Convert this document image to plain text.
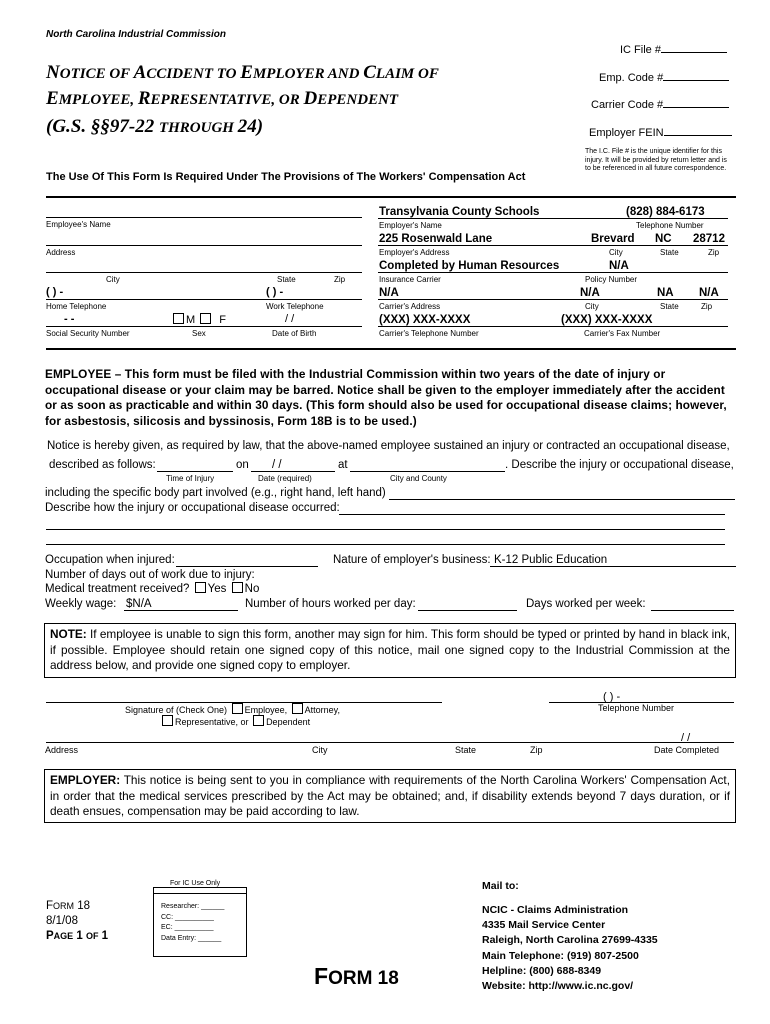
North Carolina Industrial Commission
IC File #
Emp. Code #
Carrier Code #
Employer FEIN
The I.C. File # is the unique identifier for this injury. It will be provided by return letter and is to be referenced in all future correspondence.
NOTICE OF ACCIDENT TO EMPLOYER AND CLAIM OF
EMPLOYEE, REPRESENTATIVE, OR DEPENDENT
(G.S. §§97-22 THROUGH 24)
The Use Of This Form Is Required Under The Provisions of The Workers' Compensation Act
Employee's Name
Address
City	State	Zip
( ) -	( ) -
Home Telephone	Work Telephone
- -	M F	/ /
Social Security Number	Sex	Date of Birth
Transylvania County Schools	(828) 884-6173
Employer's Name	Telephone Number
225 Rosenwald Lane	Brevard NC 28712
Employer's Address	City	State	Zip
Completed by Human Resources	N/A
Insurance Carrier	Policy Number
N/A	N/A	NA N/A
Carrier's Address	City	State	Zip
(XXX) XXX-XXXX	(XXX) XXX-XXXX
Carrier's Telephone Number	Carrier's Fax Number
EMPLOYEE – This form must be filed with the Industrial Commission within two years of the date of injury or occupational disease or your claim may be barred. Notice shall be given to the employer immediately after the accident or as soon as practicable and within 30 days. (This form should also be used for occupational disease claims; however, for asbestosis, silicosis and byssinosis, Form 18B is to be used.)
Notice is hereby given, as required by law, that the above-named employee sustained an injury or contracted an occupational disease,
described as follows:	on / /	at	. Describe the injury or occupational disease,
Time of Injury	Date (required)	City and County
including the specific body part involved (e.g., right hand, left hand)
Describe how the injury or occupational disease occurred:
Occupation when injured:	Nature of employer's business: K-12 Public Education
Number of days out of work due to injury:
Medical treatment received? Yes No
Weekly wage: $N/A	Number of hours worked per day:	Days worked per week:
NOTE: If employee is unable to sign this form, another may sign for him. This form should be typed or printed by hand in black ink, if possible. Employee should retain one signed copy of this notice, mail one signed copy to the Industrial Commission at the address below, and provide one signed copy to employer.
( ) -
Signature of (Check One) Employee, Attorney,
Representative, or Dependent
Telephone Number
/ /
Address	City	State	Zip	Date Completed
EMPLOYER: This notice is being sent to you in compliance with requirements of the North Carolina Workers' Compensation Act, in order that the medical services prescribed by the Act may be obtained; and, if disability extends beyond 7 days duration, or if death ensues, compensation may be paid according to law.
FORM 18
8/1/08
PAGE 1 OF 1
For IC Use Only
Researcher: ______
CC: __________
EC: __________
Data Entry: ______
FORM 18
Mail to:
NCIC - Claims Administration
4335 Mail Service Center
Raleigh, North Carolina 27699-4335
Main Telephone: (919) 807-2500
Helpline: (800) 688-8349
Website: http://www.ic.nc.gov/
